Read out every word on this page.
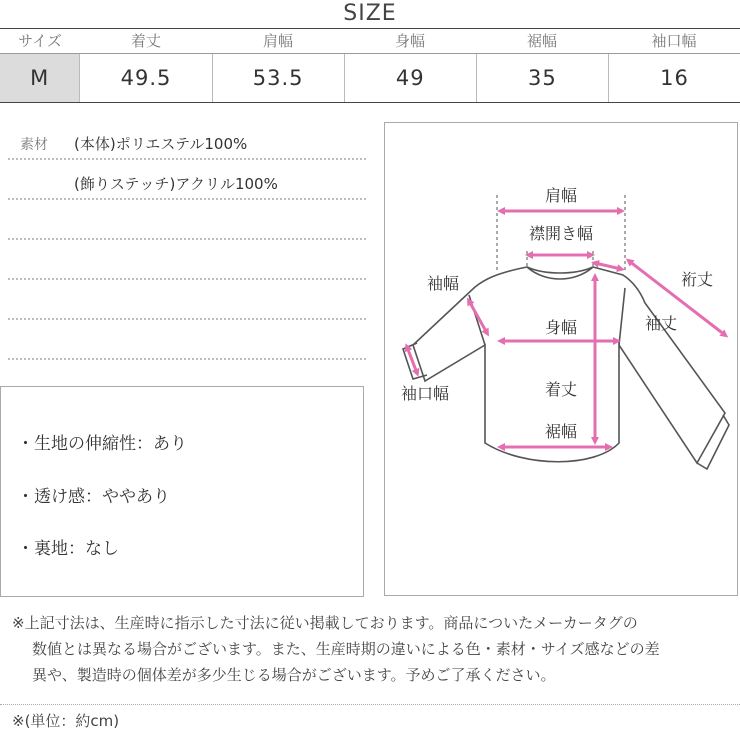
SIZE
サイズ	着丈	肩幅	身幅	裾幅	袖口幅
M	49.5	53.5	49	35	16
素材	(本体)ポリエステル100%
(飾りステッチ)アクリル100%
・生地の伸縮性：あり
・透け感：ややあり
・裏地：なし
肩幅
襟開き幅
裄丈
袖幅
袖丈
身幅
袖口幅	着丈
裾幅
※上記寸法は、生産時に指示した寸法に従い掲載しております。商品についたメーカータグの
数値とは異なる場合がございます。また、生産時期の違いによる色・素材・サイズ感などの差
異や、製造時の個体差が多少生じる場合がございます。予めご了承ください。
※(単位：約cm)
